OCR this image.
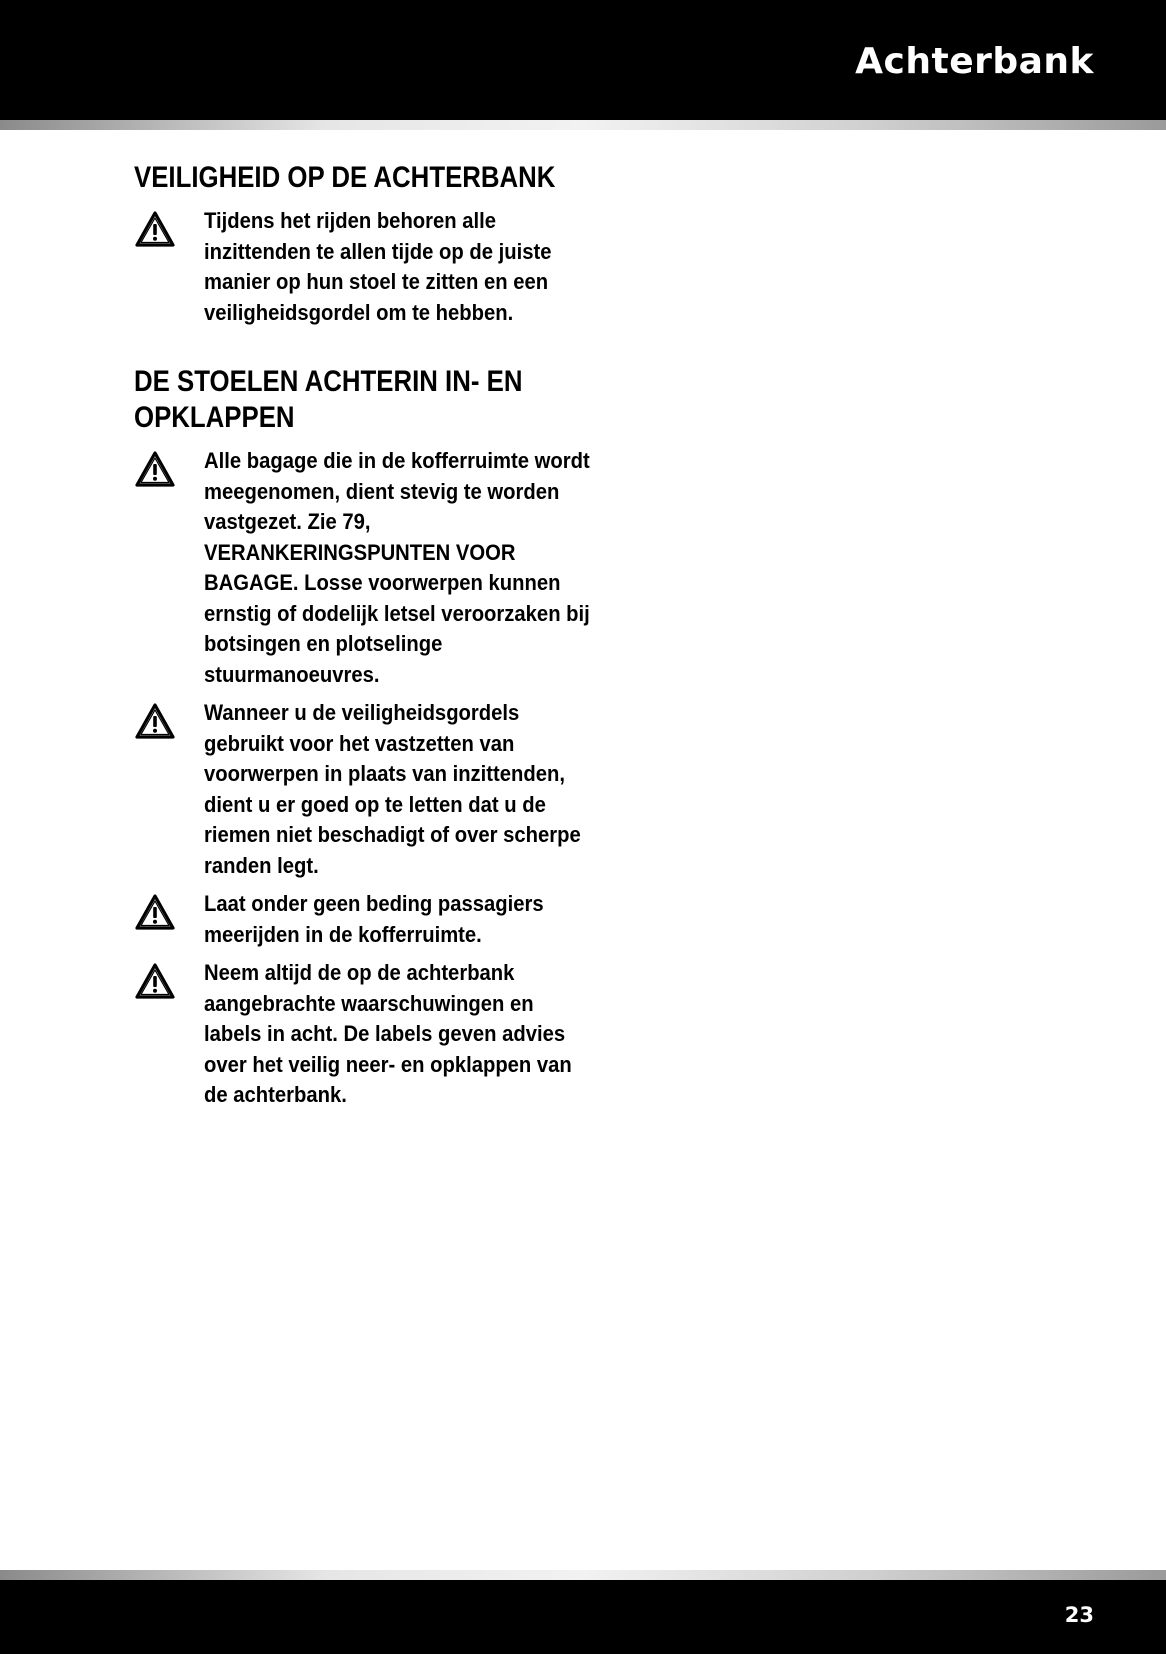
Achterbank
VEILIGHEID OP DE ACHTERBANK
Tijdens het rijden behoren alle inzittenden te allen tijde op de juiste manier op hun stoel te zitten en een veiligheidsgordel om te hebben.
DE STOELEN ACHTERIN IN- EN
OPKLAPPEN
Alle bagage die in de kofferruimte wordt meegenomen, dient stevig te worden vastgezet. Zie 79, VERANKERINGSPUNTEN VOOR BAGAGE. Losse voorwerpen kunnen ernstig of dodelijk letsel veroorzaken bij botsingen en plotselinge stuurmanoeuvres.
Wanneer u de veiligheidsgordels gebruikt voor het vastzetten van voorwerpen in plaats van inzittenden, dient u er goed op te letten dat u de riemen niet beschadigt of over scherpe randen legt.
Laat onder geen beding passagiers meerijden in de kofferruimte.
Neem altijd de op de achterbank aangebrachte waarschuwingen en labels in acht. De labels geven advies over het veilig neer- en opklappen van de achterbank.
23
